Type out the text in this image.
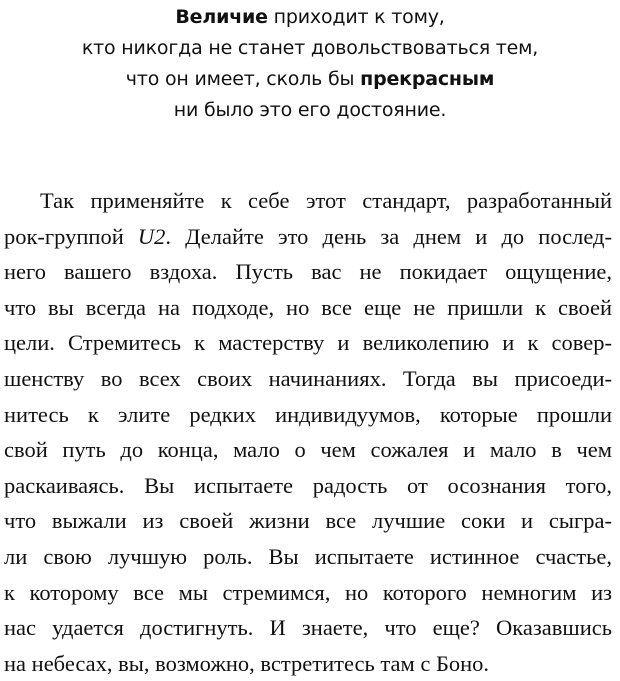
Величие приходит к тому,
кто никогда не станет довольствоваться тем,
что он имеет, сколь бы прекрасным
ни было это его достояние.
Так применяйте к себе этот стандарт, разработанный
рок-группой U2. Делайте это день за днем и до послед-
него вашего вздоха. Пусть вас не покидает ощущение,
что вы всегда на подходе, но все еще не пришли к своей
цели. Стремитесь к мастерству и великолепию и к совер-
шенству во всех своих начинаниях. Тогда вы присоеди-
нитесь к элите редких индивидуумов, которые прошли
свой путь до конца, мало о чем сожалея и мало в чем
раскаиваясь. Вы испытаете радость от осознания того,
что выжали из своей жизни все лучшие соки и сыгра-
ли свою лучшую роль. Вы испытаете истинное счастье,
к которому все мы стремимся, но которого немногим из
нас удается достигнуть. И знаете, что еще? Оказавшись
на небесах, вы, возможно, встретитесь там с Боно.
